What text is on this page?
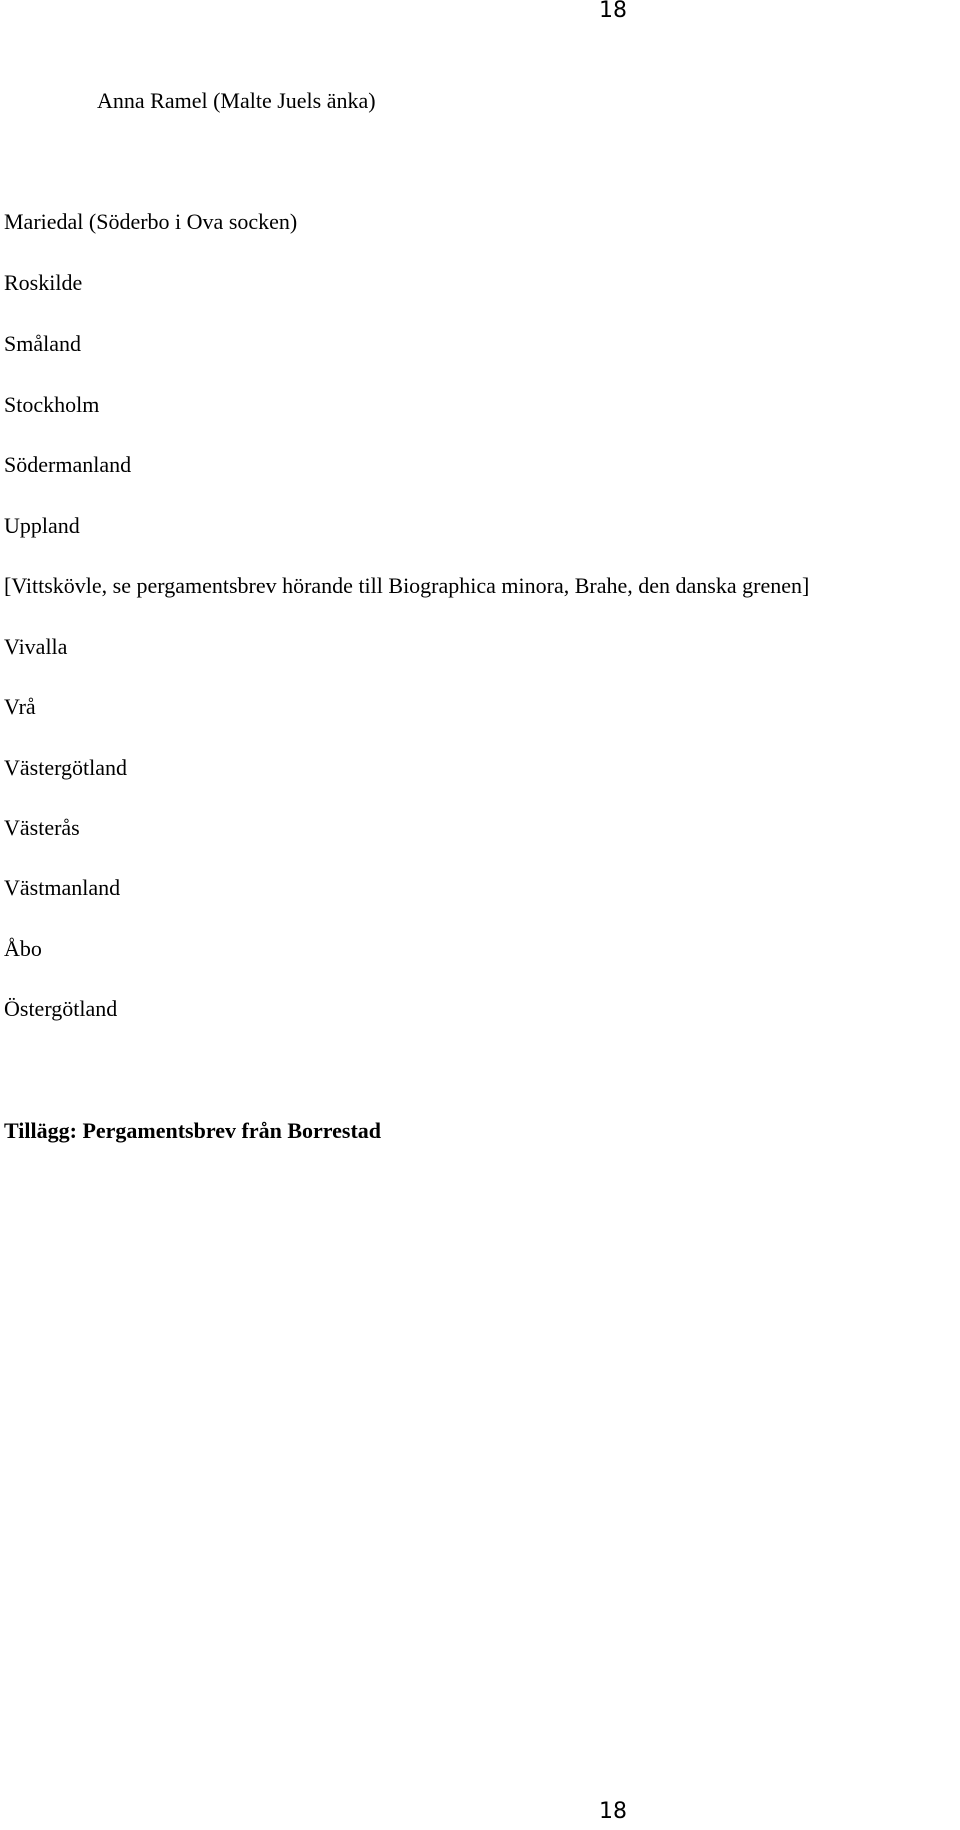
18
Anna Ramel (Malte Juels änka)
Mariedal (Söderbo i Ova socken)
Roskilde
Småland
Stockholm
Södermanland
Uppland
[Vittskövle, se pergamentsbrev hörande till Biographica minora, Brahe, den danska grenen]
Vivalla
Vrå
Västergötland
Västerås
Västmanland
Åbo
Östergötland
Tillägg: Pergamentsbrev från Borrestad
18
